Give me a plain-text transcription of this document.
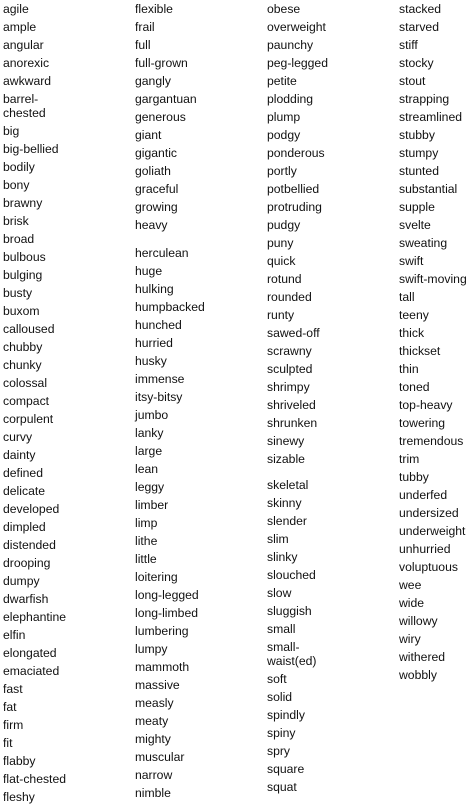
agile
ample
angular
anorexic
awkward
barrel-chested
big
big-bellied
bodily
bony
brawny
brisk
broad
bulbous
bulging
busty
buxom
calloused
chubby
chunky
colossal
compact
corpulent
curvy
dainty
defined
delicate
developed
dimpled
distended
drooping
dumpy
dwarfish
elephantine
elfin
elongated
emaciated
fast
fat
firm
fit
flabby
flat-chested
fleshy
flexible
frail
full
full-grown
gangly
gargantuan
generous
giant
gigantic
goliath
graceful
growing
heavy
herculean
huge
hulking
humpbacked
hunched
hurried
husky
immense
itsy-bitsy
jumbo
lanky
large
lean
leggy
limber
limp
lithe
little
loitering
long-legged
long-limbed
lumbering
lumpy
mammoth
massive
measly
meaty
mighty
muscular
narrow
nimble
obese
overweight
paunchy
peg-legged
petite
plodding
plump
podgy
ponderous
portly
potbellied
protruding
pudgy
puny
quick
rotund
rounded
runty
sawed-off
scrawny
sculpted
shrimpy
shriveled
shrunken
sinewy
sizable
skeletal
skinny
slender
slim
slinky
slouched
slow
sluggish
small
small-waist(ed)
soft
solid
spindly
spiny
spry
square
squat
stacked
starved
stiff
stocky
stout
strapping
streamlined
stubby
stumpy
stunted
substantial
supple
svelte
sweating
swift
swift-moving
tall
teeny
thick
thickset
thin
toned
top-heavy
towering
tremendous
trim
tubby
underfed
undersized
underweight
unhurried
voluptuous
wee
wide
willowy
wiry
withered
wobbly
